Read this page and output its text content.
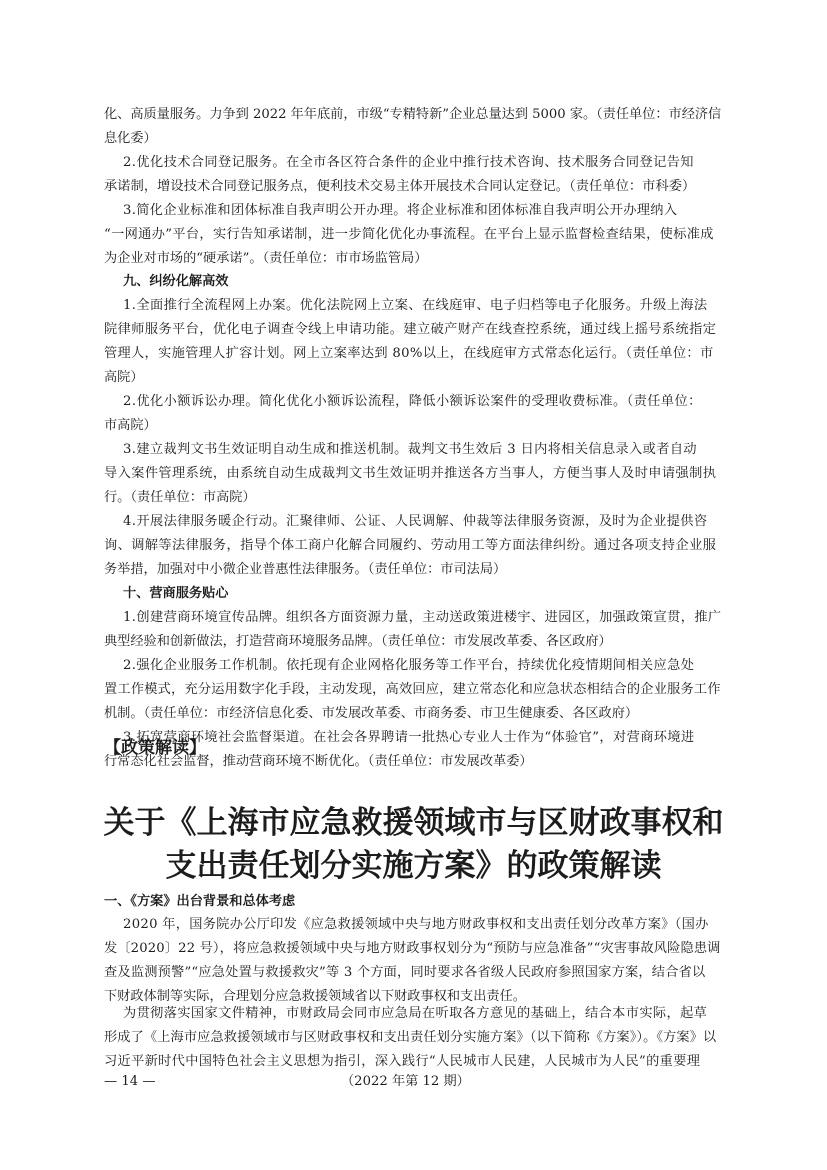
化、高质量服务。力争到 2022 年年底前，市级“专精特新”企业总量达到 5000 家。（责任单位：市经济信
息化委）
2.优化技术合同登记服务。在全市各区符合条件的企业中推行技术咨询、技术服务合同登记告知
承诺制，增设技术合同登记服务点，便利技术交易主体开展技术合同认定登记。（责任单位：市科委）
3.简化企业标准和团体标准自我声明公开办理。将企业标准和团体标准自我声明公开办理纳入
“一网通办”平台，实行告知承诺制，进一步简化优化办事流程。在平台上显示监督检查结果，使标准成
为企业对市场的“硬承诺”。（责任单位：市市场监管局）
九、纠纷化解高效
1.全面推行全流程网上办案。优化法院网上立案、在线庭审、电子归档等电子化服务。升级上海法
院律师服务平台，优化电子调查令线上申请功能。建立破产财产在线查控系统，通过线上摇号系统指定
管理人，实施管理人扩容计划。网上立案率达到 80%以上，在线庭审方式常态化运行。（责任单位：市
高院）
2.优化小额诉讼办理。简化优化小额诉讼流程，降低小额诉讼案件的受理收费标准。（责任单位：
市高院）
3.建立裁判文书生效证明自动生成和推送机制。裁判文书生效后 3 日内将相关信息录入或者自动
导入案件管理系统，由系统自动生成裁判文书生效证明并推送各方当事人，方便当事人及时申请强制执
行。（责任单位：市高院）
4.开展法律服务暖企行动。汇聚律师、公证、人民调解、仲裁等法律服务资源，及时为企业提供咨
询、调解等法律服务，指导个体工商户化解合同履约、劳动用工等方面法律纠纷。通过各项支持企业服
务举措，加强对中小微企业普惠性法律服务。（责任单位：市司法局）
十、营商服务贴心
1.创建营商环境宣传品牌。组织各方面资源力量，主动送政策进楼宇、进园区，加强政策宣贯，推广
典型经验和创新做法，打造营商环境服务品牌。（责任单位：市发展改革委、各区政府）
2.强化企业服务工作机制。依托现有企业网格化服务等工作平台，持续优化疫情期间相关应急处
置工作模式，充分运用数字化手段，主动发现，高效回应，建立常态化和应急状态相结合的企业服务工作
机制。（责任单位：市经济信息化委、市发展改革委、市商务委、市卫生健康委、各区政府）
3.拓宽营商环境社会监督渠道。在社会各界聘请一批热心专业人士作为“体验官”，对营商环境进
行常态化社会监督，推动营商环境不断优化。（责任单位：市发展改革委）
【政策解读】
关于《上海市应急救援领域市与区财政事权和
支出责任划分实施方案》的政策解读
一、《方案》出台背景和总体考虑
2020 年，国务院办公厅印发《应急救援领域中央与地方财政事权和支出责任划分改革方案》（国办
发〔2020〕22 号），将应急救援领域中央与地方财政事权划分为“预防与应急准备”“灾害事故风险隐患调
查及监测预警”“应急处置与救援救灾”等 3 个方面，同时要求各省级人民政府参照国家方案，结合省以
下财政体制等实际，合理划分应急救援领域省以下财政事权和支出责任。
为贯彻落实国家文件精神，市财政局会同市应急局在听取各方意见的基础上，结合本市实际，起草
形成了《上海市应急救援领域市与区财政事权和支出责任划分实施方案》（以下简称《方案》）。《方案》以
习近平新时代中国特色社会主义思想为指引，深入践行“人民城市人民建，人民城市为人民”的重要理
— 14 —	（2022 年第 12 期）
